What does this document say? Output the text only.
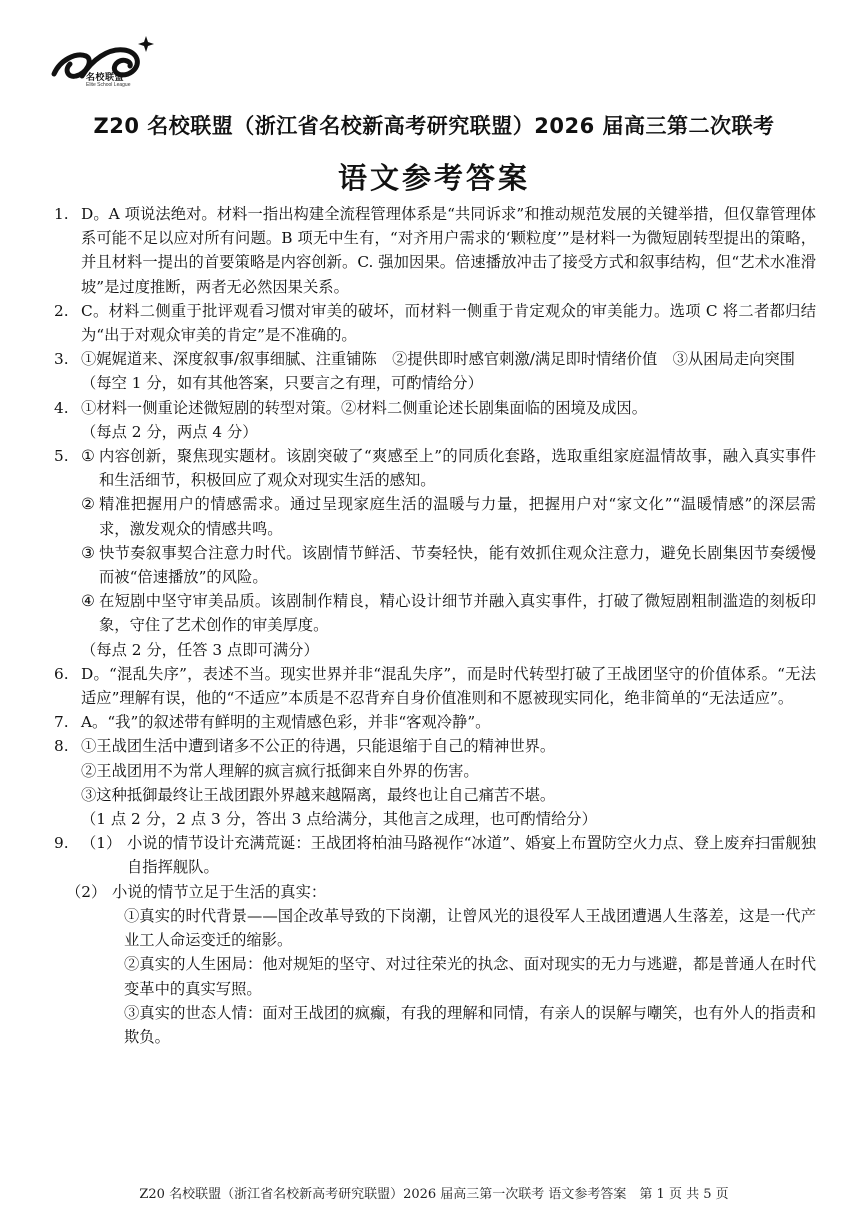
名校联盟
Elite School League
Z20 名校联盟（浙江省名校新高考研究联盟）2026 届高三第二次联考
语文参考答案
1. D。A 项说法绝对。材料一指出构建全流程管理体系是“共同诉求”和推动规范发展的关键举措，但仅靠管理体系可能不足以应对所有问题。B 项无中生有，“对齐用户需求的‘颗粒度’”是材料一为微短剧转型提出的策略，并且材料一提出的首要策略是内容创新。C. 强加因果。倍速播放冲击了接受方式和叙事结构，但“艺术水准滑坡”是过度推断，两者无必然因果关系。
2. C。材料二侧重于批评观看习惯对审美的破坏，而材料一侧重于肯定观众的审美能力。选项 C 将二者都归结为“出于对观众审美的肯定”是不准确的。
3. ①娓娓道来、深度叙事/叙事细腻、注重铺陈　②提供即时感官刺激/满足即时情绪价值　③从困局走向突围
（每空 1 分，如有其他答案，只要言之有理，可酌情给分）
4. ①材料一侧重论述微短剧的转型对策。②材料二侧重论述长剧集面临的困境及成因。
（每点 2 分，两点 4 分）
5. ① 内容创新，聚焦现实题材。该剧突破了“爽感至上”的同质化套路，选取重组家庭温情故事，融入真实事件和生活细节，积极回应了观众对现实生活的感知。
② 精准把握用户的情感需求。通过呈现家庭生活的温暖与力量，把握用户对“家文化”“温暖情感”的深层需求，激发观众的情感共鸣。
③ 快节奏叙事契合注意力时代。该剧情节鲜活、节奏轻快，能有效抓住观众注意力，避免长剧集因节奏缓慢而被“倍速播放”的风险。
④ 在短剧中坚守审美品质。该剧制作精良，精心设计细节并融入真实事件，打破了微短剧粗制滥造的刻板印象，守住了艺术创作的审美厚度。
（每点 2 分，任答 3 点即可满分）
6. D。“混乱失序”，表述不当。现实世界并非“混乱失序”，而是时代转型打破了王战团坚守的价值体系。“无法适应”理解有误，他的“不适应”本质是不忍背弃自身价值准则和不愿被现实同化，绝非简单的“无法适应”。
7. A。“我”的叙述带有鲜明的主观情感色彩，并非“客观冷静”。
8. ①王战团生活中遭到诸多不公正的待遇，只能退缩于自己的精神世界。
②王战团用不为常人理解的疯言疯行抵御来自外界的伤害。
③这种抵御最终让王战团跟外界越来越隔离，最终也让自己痛苦不堪。
（1 点 2 分，2 点 3 分，答出 3 点给满分，其他言之成理，也可酌情给分）
9. （1） 小说的情节设计充满荒诞：王战团将柏油马路视作“冰道”、婚宴上布置防空火力点、登上废弃扫雷舰独自指挥舰队。
（2） 小说的情节立足于生活的真实：
①真实的时代背景——国企改革导致的下岗潮，让曾风光的退役军人王战团遭遇人生落差，这是一代产业工人命运变迁的缩影。
②真实的人生困局：他对规矩的坚守、对过往荣光的执念、面对现实的无力与逃避，都是普通人在时代变革中的真实写照。
③真实的世态人情：面对王战团的疯癫，有我的理解和同情，有亲人的误解与嘲笑，也有外人的指责和欺负。
Z20 名校联盟（浙江省名校新高考研究联盟）2026 届高三第一次联考 语文参考答案　第 1 页 共 5 页
